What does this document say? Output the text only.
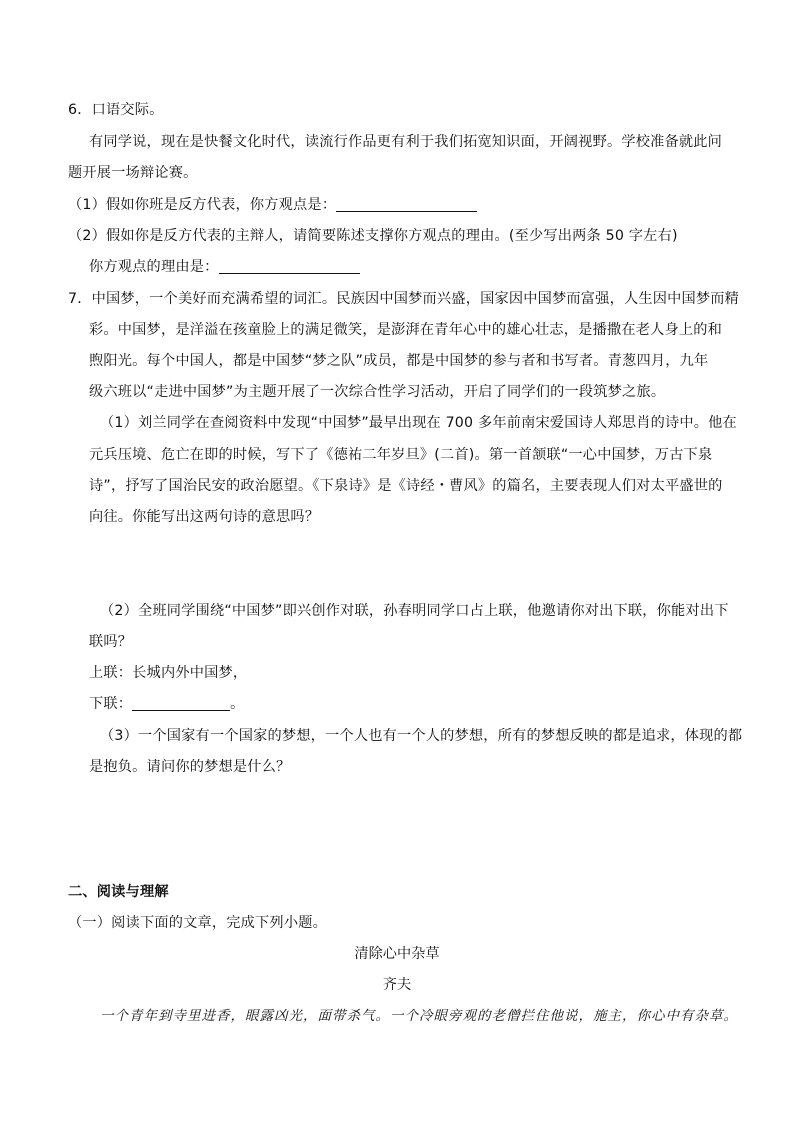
6．口语交际。
有同学说，现在是快餐文化时代，读流行作品更有利于我们拓宽知识面，开阔视野。学校准备就此问
题开展一场辩论赛。
（1）假如你班是反方代表，你方观点是：
（2）假如你是反方代表的主辩人，请简要陈述支撑你方观点的理由。(至少写出两条 50 字左右)
你方观点的理由是：
7．中国梦，一个美好而充满希望的词汇。民族因中国梦而兴盛，国家因中国梦而富强，人生因中国梦而精
彩。中国梦，是洋溢在孩童脸上的满足微笑，是澎湃在青年心中的雄心壮志，是播撒在老人身上的和
煦阳光。每个中国人，都是中国梦“梦之队”成员，都是中国梦的参与者和书写者。青葱四月，九年
级六班以“走进中国梦”为主题开展了一次综合性学习活动，开启了同学们的一段筑梦之旅。
（1）刘兰同学在查阅资料中发现“中国梦”最早出现在 700 多年前南宋爱国诗人郑思肖的诗中。他在
元兵压境、危亡在即的时候，写下了《德祐二年岁旦》(二首)。第一首颔联“一心中国梦，万古下泉
诗”，抒写了国治民安的政治愿望。《下泉诗》是《诗经・曹风》的篇名，主要表现人们对太平盛世的
向往。你能写出这两句诗的意思吗？
（2）全班同学围绕“中国梦”即兴创作对联，孙春明同学口占上联，他邀请你对出下联，你能对出下
联吗？
上联：长城内外中国梦，
下联：	。
（3）一个国家有一个国家的梦想，一个人也有一个人的梦想，所有的梦想反映的都是追求，体现的都
是抱负。请问你的梦想是什么？
二、阅读与理解
（一）阅读下面的文章，完成下列小题。
清除心中杂草
齐夫
一个青年到寺里进香，眼露凶光，面带杀气。一个冷眼旁观的老僧拦住他说，施主，你心中有杂草。
